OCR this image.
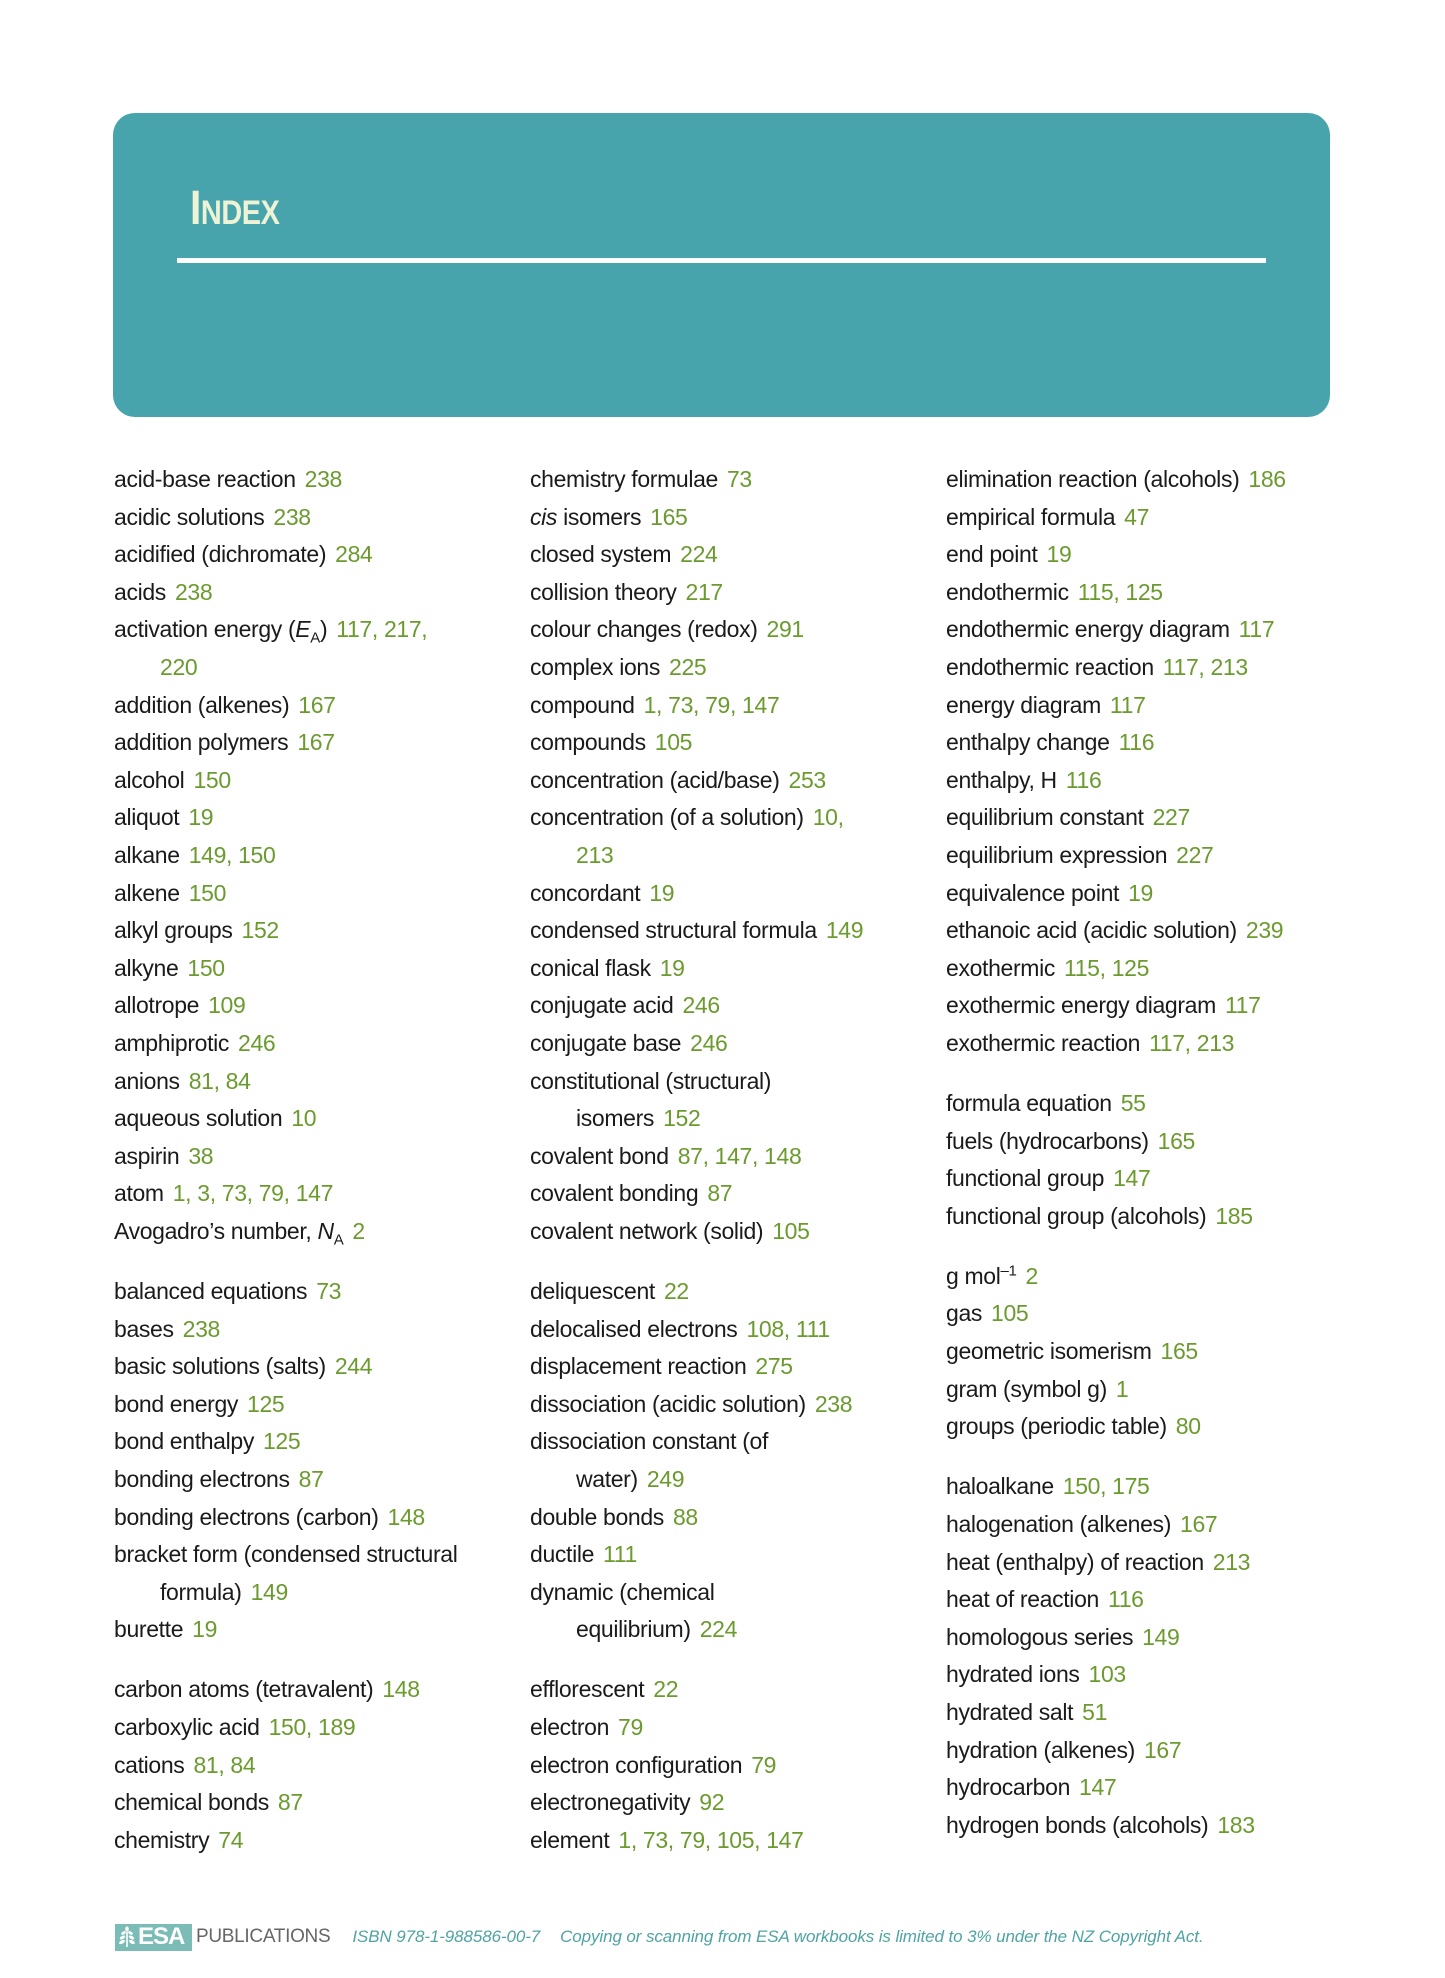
INDEX
acid-base reaction 238
acidic solutions 238
acidified (dichromate) 284
acids 238
activation energy $(E_A)$ 117, 217,
220
addition (alkenes) 167
addition polymers 167
alcohol 150
aliquot 19
alkane 149, 150
alkene 150
alkyl groups 152
alkyne 150
allotrope 109
amphiprotic 246
anions 81, 84
aqueous solution 10
aspirin 38
atom 1, 3, 73, 79, 147
Avogadro’s number, $N_A$ 2
balanced equations 73
bases 238
basic solutions (salts) 244
bond energy 125
bond enthalpy 125
bonding electrons 87
bonding electrons (carbon) 148
bracket form (condensed structural
formula) 149
burette 19
carbon atoms (tetravalent) 148
carboxylic acid 150, 189
cations 81, 84
chemical bonds 87
chemistry 74
chemistry formulae 73
cis isomers 165
closed system 224
collision theory 217
colour changes (redox) 291
complex ions 225
compound 1, 73, 79, 147
compounds 105
concentration (acid/base) 253
concentration (of a solution) 10,
213
concordant 19
condensed structural formula 149
conical flask 19
conjugate acid 246
conjugate base 246
constitutional (structural)
isomers 152
covalent bond 87, 147, 148
covalent bonding 87
covalent network (solid) 105
deliquescent 22
delocalised electrons 108, 111
displacement reaction 275
dissociation (acidic solution) 238
dissociation constant (of
water) 249
double bonds 88
ductile 111
dynamic (chemical
equilibrium) 224
efflorescent 22
electron 79
electron configuration 79
electronegativity 92
element 1, 73, 79, 105, 147
elimination reaction (alcohols) 186
empirical formula 47
end point 19
endothermic 115, 125
endothermic energy diagram 117
endothermic reaction 117, 213
energy diagram 117
enthalpy change 116
enthalpy, H 116
equilibrium constant 227
equilibrium expression 227
equivalence point 19
ethanoic acid (acidic solution) 239
exothermic 115, 125
exothermic energy diagram 117
exothermic reaction 117, 213
formula equation 55
fuels (hydrocarbons) 165
functional group 147
functional group (alcohols) 185
g mol$^{-1}$ 2
gas 105
geometric isomerism 165
gram (symbol g) 1
groups (periodic table) 80
haloalkane 150, 175
halogenation (alkenes) 167
heat (enthalpy) of reaction 213
heat of reaction 116
homologous series 149
hydrated ions 103
hydrated salt 51
hydration (alkenes) 167
hydrocarbon 147
hydrogen bonds (alcohols) 183
ESA PUBLICATIONS ISBN 978-1-988586-00-7 Copying or scanning from ESA workbooks is limited to 3% under the NZ Copyright Act.
